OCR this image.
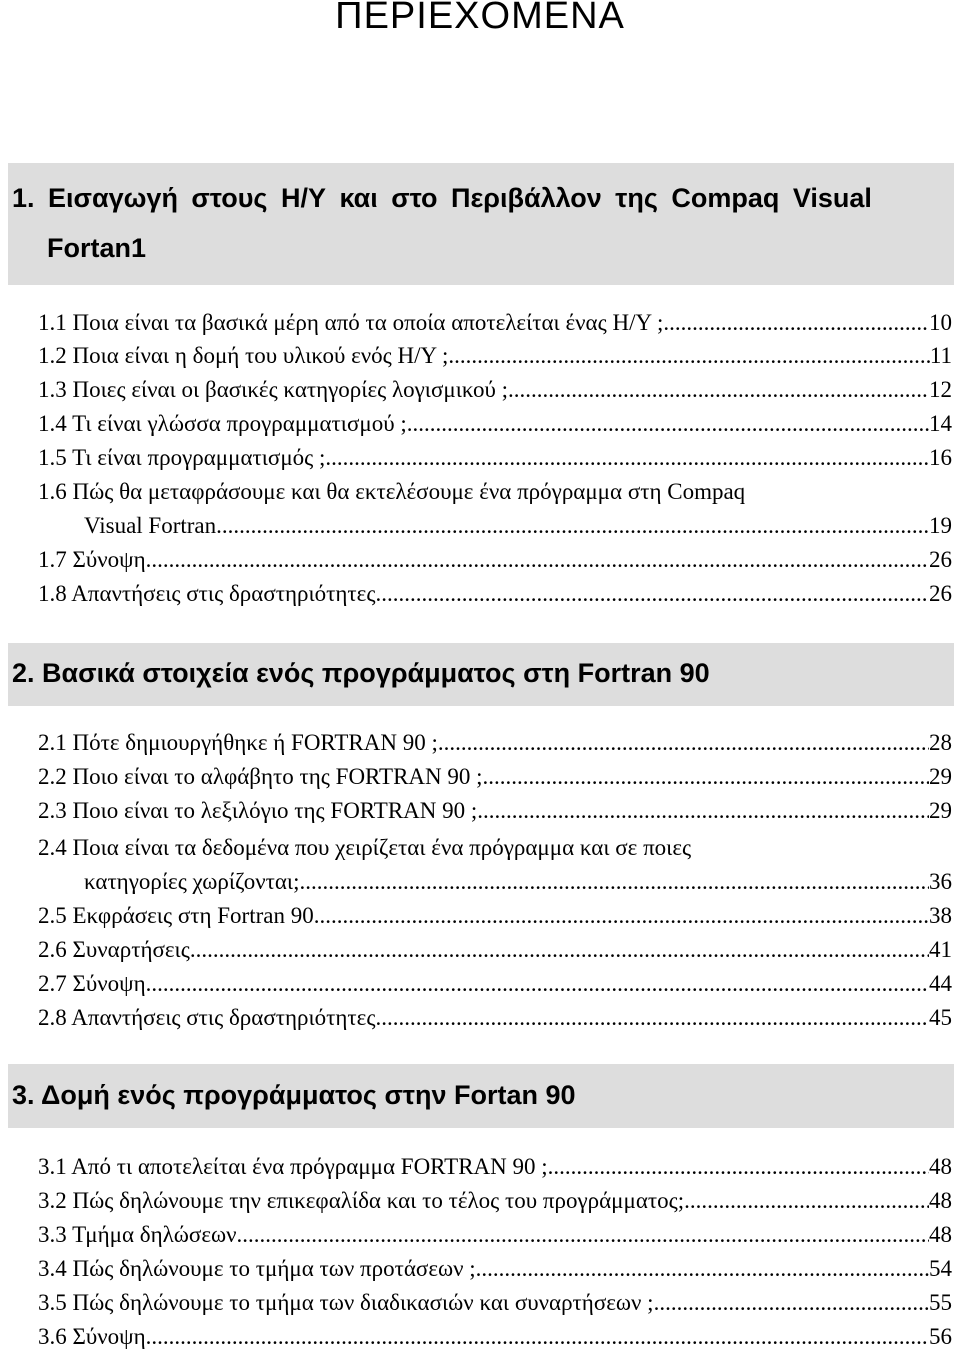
ΠΕΡΙΕΧΟΜΕΝΑ
1. Εισαγωγή στους Η/Υ και στο Περιβάλλον της Compaq Visual
Fortan1
1.1 Ποια είναι τα βασικά μέρη από τα οποία αποτελείται ένας Η/Υ ; .....	10
1.2 Ποια είναι η δομή του υλικού ενός Η/Υ ; .....	11
1.3 Ποιες είναι οι βασικές κατηγορίες λογισμικού ; .....	12
1.4 Τι είναι γλώσσα προγραμματισμού ; .....	14
1.5 Τι είναι προγραμματισμός ; .....	16
1.6 Πώς θα μεταφράσουμε και θα εκτελέσουμε ένα πρόγραμμα στη Compaq
Visual Fortran .....	19
1.7 Σύνοψη .....	26
1.8 Απαντήσεις στις δραστηριότητες .....	26
2. Βασικά στοιχεία ενός προγράμματος στη Fortran 90
2.1 Πότε δημιουργήθηκε ή FORTRAN 90 ; .....	28
2.2 Ποιο είναι το αλφάβητο της FORTRAN 90 ; .....	29
2.3 Ποιο είναι το λεξιλόγιο της FORTRAN 90 ; .....	29
2.4 Ποια είναι τα δεδομένα που χειρίζεται ένα πρόγραμμα και σε ποιες
κατηγορίες χωρίζονται; .....	36
2.5 Εκφράσεις στη Fortran 90 .....	38
2.6 Συναρτήσεις .....	41
2.7 Σύνοψη .....	44
2.8 Απαντήσεις στις δραστηριότητες .....	45
3. Δομή ενός προγράμματος στην Fortan 90
3.1 Από τι αποτελείται ένα πρόγραμμα FORTRAN 90 ; .....	48
3.2 Πώς δηλώνουμε την επικεφαλίδα και το τέλος του προγράμματος; .....	48
3.3 Τμήμα δηλώσεων .....	48
3.4 Πώς δηλώνουμε το τμήμα των προτάσεων ; .....	54
3.5 Πώς δηλώνουμε το τμήμα των διαδικασιών και συναρτήσεων ; .....	55
3.6 Σύνοψη .....	56
